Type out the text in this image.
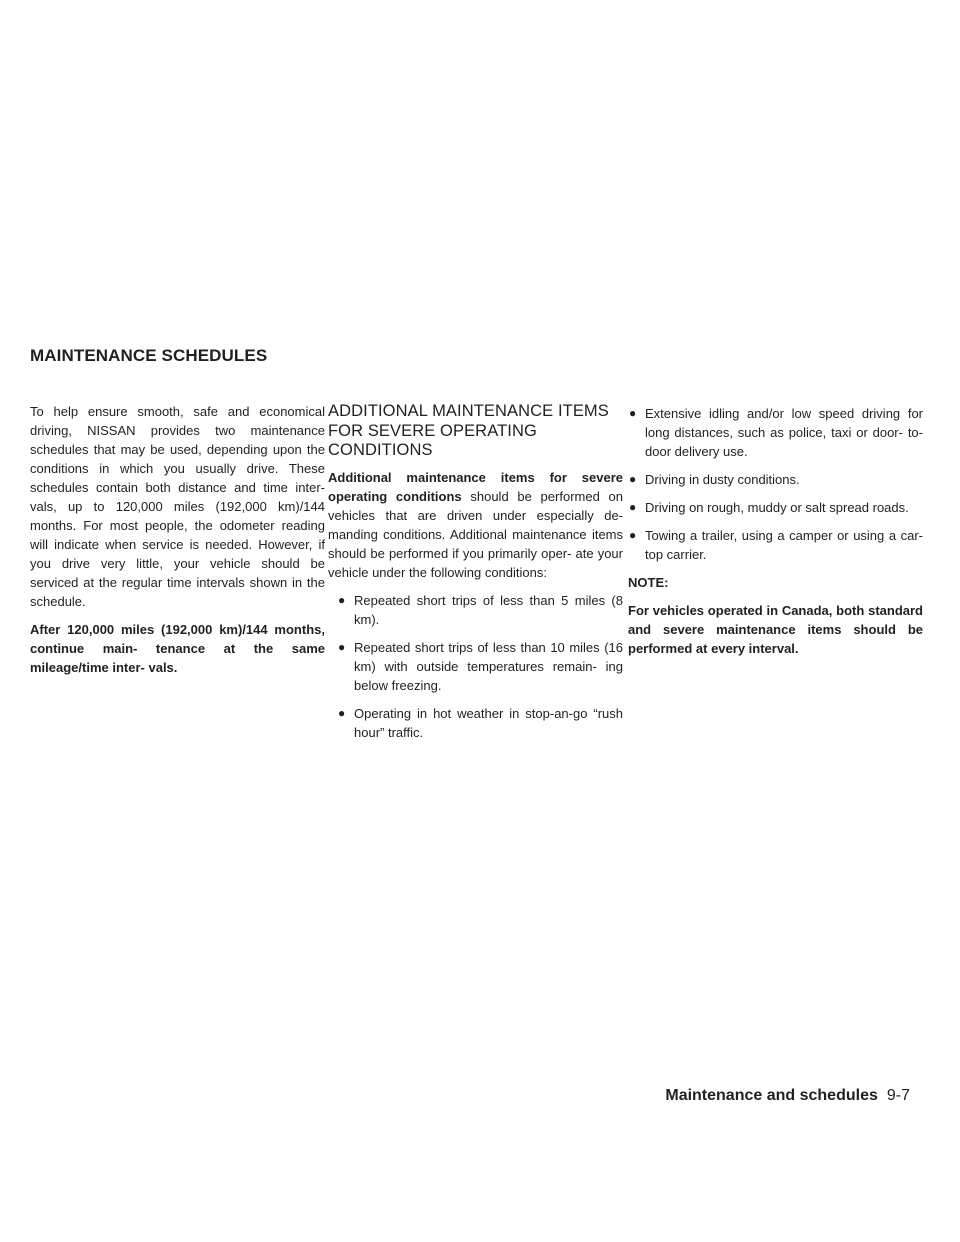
MAINTENANCE SCHEDULES

To help ensure smooth, safe and economical driving, NISSAN provides two maintenance schedules that may be used, depending upon the conditions in which you usually drive. These schedules contain both distance and time inter- vals, up to 120,000 miles (192,000 km)/144 months. For most people, the odometer reading will indicate when service is needed. However, if you drive very little, your vehicle should be serviced at the regular time intervals shown in the schedule.

After 120,000 miles (192,000 km)/144 months, continue main- tenance at the same mileage/time inter- vals.

ADDITIONAL MAINTENANCE ITEMS FOR SEVERE OPERATING CONDITIONS

Additional maintenance items for severe operating conditions should be performed on vehicles that are driven under especially de- manding conditions. Additional maintenance items should be performed if you primarily oper- ate your vehicle under the following conditions:

● Repeated short trips of less than 5 miles (8 km).
● Repeated short trips of less than 10 miles (16 km) with outside temperatures remain- ing below freezing.
● Operating in hot weather in stop-an-go “rush hour” traffic.
● Extensive idling and/or low speed driving for long distances, such as police, taxi or door- to-door delivery use.
● Driving in dusty conditions.
● Driving on rough, muddy or salt spread roads.
● Towing a trailer, using a camper or using a car-top carrier.

NOTE:

For vehicles operated in Canada, both standard and severe maintenance items should be performed at every interval.

Maintenance and schedules 9-7
